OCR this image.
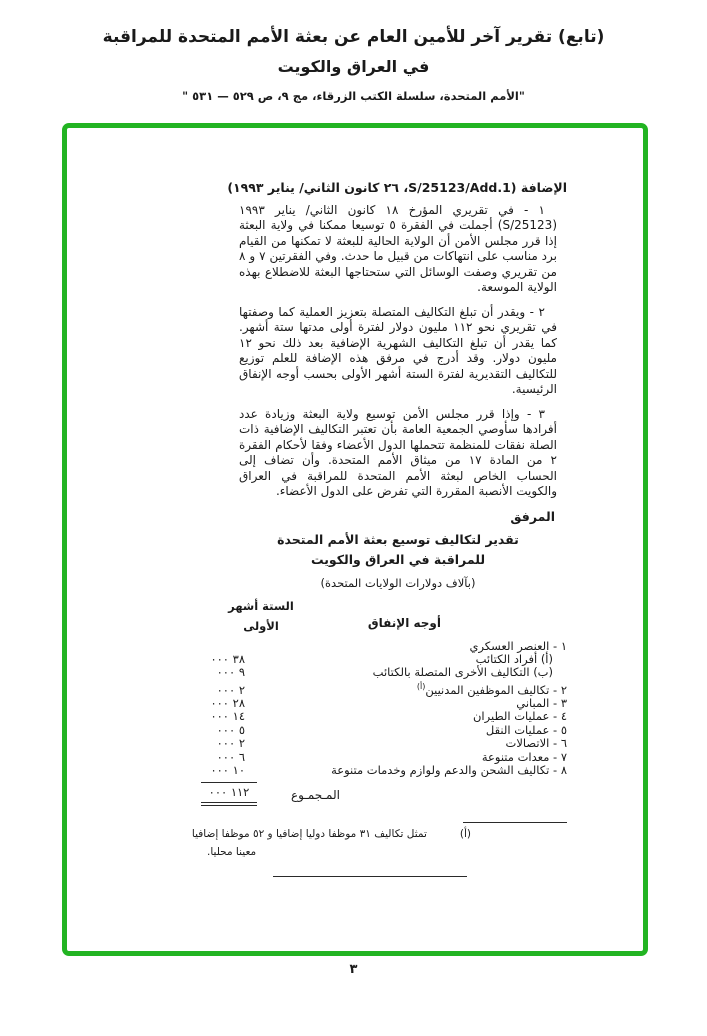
(تابع) تقرير آخر للأمين العام عن بعثة الأمم المتحدة للمراقبة
في العراق والكويت
"الأمم المتحدة، سلسلة الكتب الزرقاء، مج ٩، ص ٥٢٩ — ٥٣١ "
الإضافة (S/25123/Add.1، ٢٦ كانون الثاني/ يناير ١٩٩٣)

١ - في تقريري المؤرخ ١٨ كانون الثاني/ يناير ١٩٩٣ (S/25123) أجملت في الفقرة ٥ توسيعا ممكنا في ولاية البعثة إذا قرر مجلس الأمن أن الولاية الحالية للبعثة لا تمكنها من القيام برد مناسب على انتهاكات من قبيل ما حدث. وفي الفقرتين ٧ و ٨ من تقريري وصفت الوسائل التي ستحتاجها البعثة للاضطلاع بهذه الولاية الموسعة.

٢ - ويقدر أن تبلغ التكاليف المتصلة بتعزيز العملية كما وصفتها في تقريري نحو ١١٢ مليون دولار لفترة أولى مدتها ستة أشهر. كما يقدر أن تبلغ التكاليف الشهرية الإضافية بعد ذلك نحو ١٢ مليون دولار. وقد أدرج في مرفق هذه الإضافة للعلم توزيع للتكاليف التقديرية لفترة الستة أشهر الأولى بحسب أوجه الإنفاق الرئيسية.

٣ - وإذا قرر مجلس الأمن توسيع ولاية البعثة وزيادة عدد أفرادها سأوصي الجمعية العامة بأن تعتبر التكاليف الإضافية ذات الصلة نفقات للمنظمة تتحملها الدول الأعضاء وفقا لأحكام الفقرة ٢ من المادة ١٧ من ميثاق الأمم المتحدة. وأن تضاف إلى الحساب الخاص لبعثة الأمم المتحدة للمراقبة في العراق والكويت الأنصبة المقررة التي تفرض على الدول الأعضاء.

المرفق
تقدير لتكاليف توسيع بعثة الأمم المتحدة
للمراقبة في العراق والكويت
(بآلاف دولارات الولايات المتحدة)
الستة أشهر
الأولى	أوجه الإنفاق
١ - العنصر العسكري
(أ) أفراد الكتائب
٣٨ ٠٠٠
(ب) التكاليف الأخرى المتصلة بالكتائب
٩ ٠٠٠
٢ - تكاليف الموظفين المدنيين$^{(أ)}$
٢ ٠٠٠
٣ - المباني
٢٨ ٠٠٠
٤ - عمليات الطيران
١٤ ٠٠٠
٥ - عمليات النقل
٥ ٠٠٠
٦ - الاتصالات
٢ ٠٠٠
٧ - معدات متنوعة
٦ ٠٠٠
٨ - تكاليف الشحن والدعم ولوازم وخدمات متنوعة
١٠ ٠٠٠
المـجمـوع
١١٢ ٠٠٠
(أ)تمثل تكاليف ٣١ موظفا دوليا إضافيا و ٥٢ موظفا إضافيا
معينا محليا.
٣
